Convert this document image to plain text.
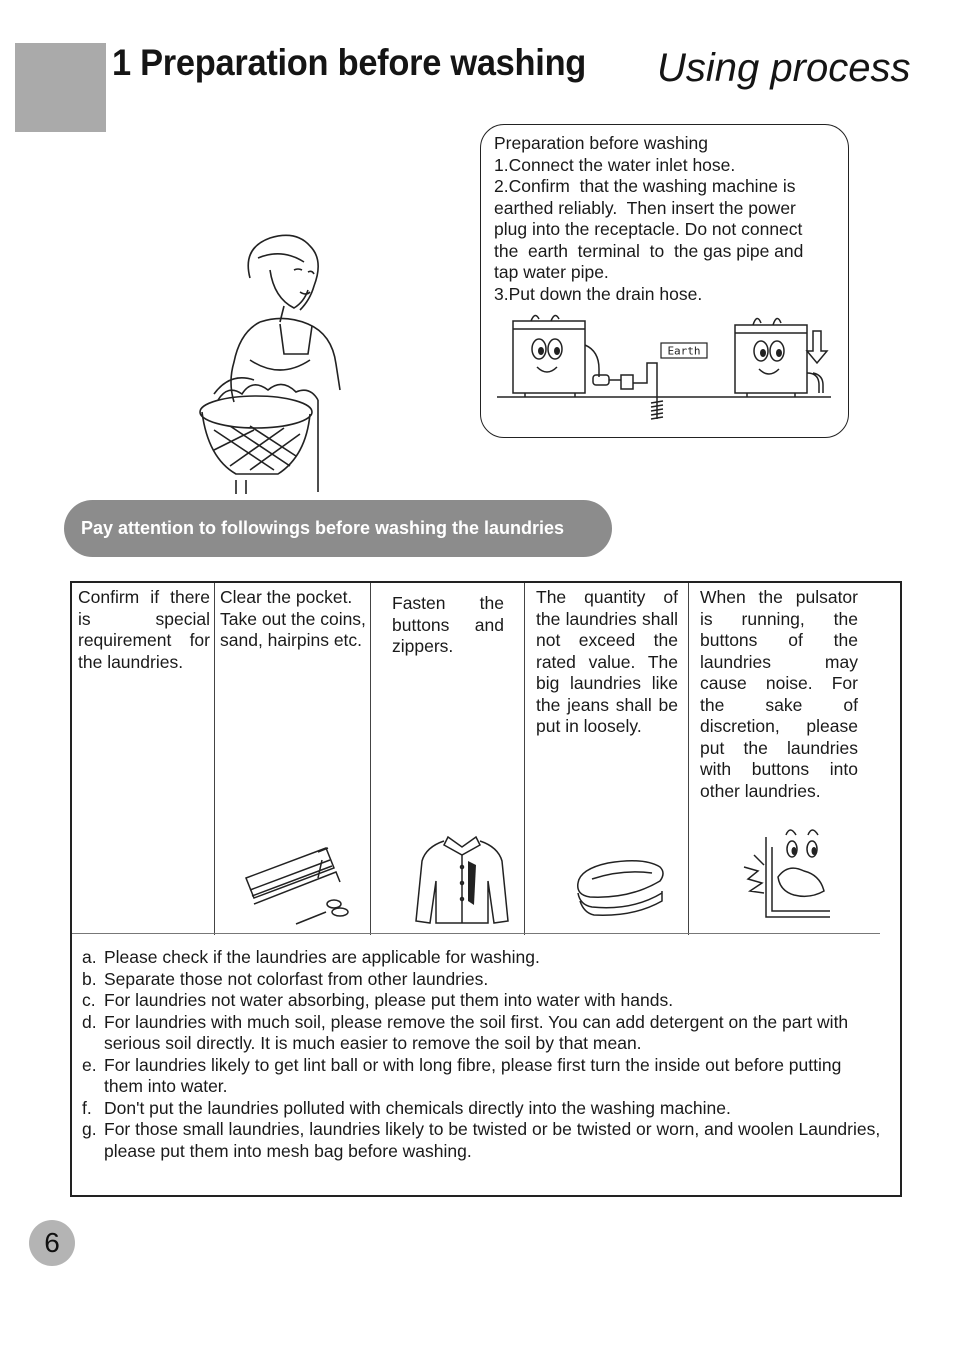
1 Preparation before washing Using process
Preparation before washing
1.Connect the water inlet hose.
2.Confirm  that the washing machine is
earthed reliably.  Then insert the power
plug into the receptacle. Do not connect
the  earth  terminal  to  the gas pipe and
tap water pipe.
3.Put down the drain hose.
Earth
Pay attention to followings before washing the laundries
Confirm if there is special requirement for the laundries.
Clear the pocket. Take out the coins, sand, hairpins etc.
Fasten the buttons and zippers.
The quantity of the laundries shall not exceed the rated value. The big laundries like the jeans shall be put in loosely.
When the pulsator is running, the buttons of the laundries may cause noise. For the sake of discretion, please put the laundries with buttons into other laundries.
a. Please check if the laundries are applicable for washing.
b. Separate those not colorfast from other laundries.
c. For laundries not water absorbing, please put them into water with hands.
d. For laundries with much soil, please remove the soil first. You can add detergent on the part with serious soil directly. It is much easier to remove the soil by that mean.
e. For laundries likely to get lint ball or with long fibre, please first turn the inside out before putting them into water.
f. Don't put the laundries polluted with chemicals directly into the washing machine.
g. For those small laundries, laundries likely to be twisted or be twisted or worn, and woolen Laundries, please put them into mesh bag before washing.
6
